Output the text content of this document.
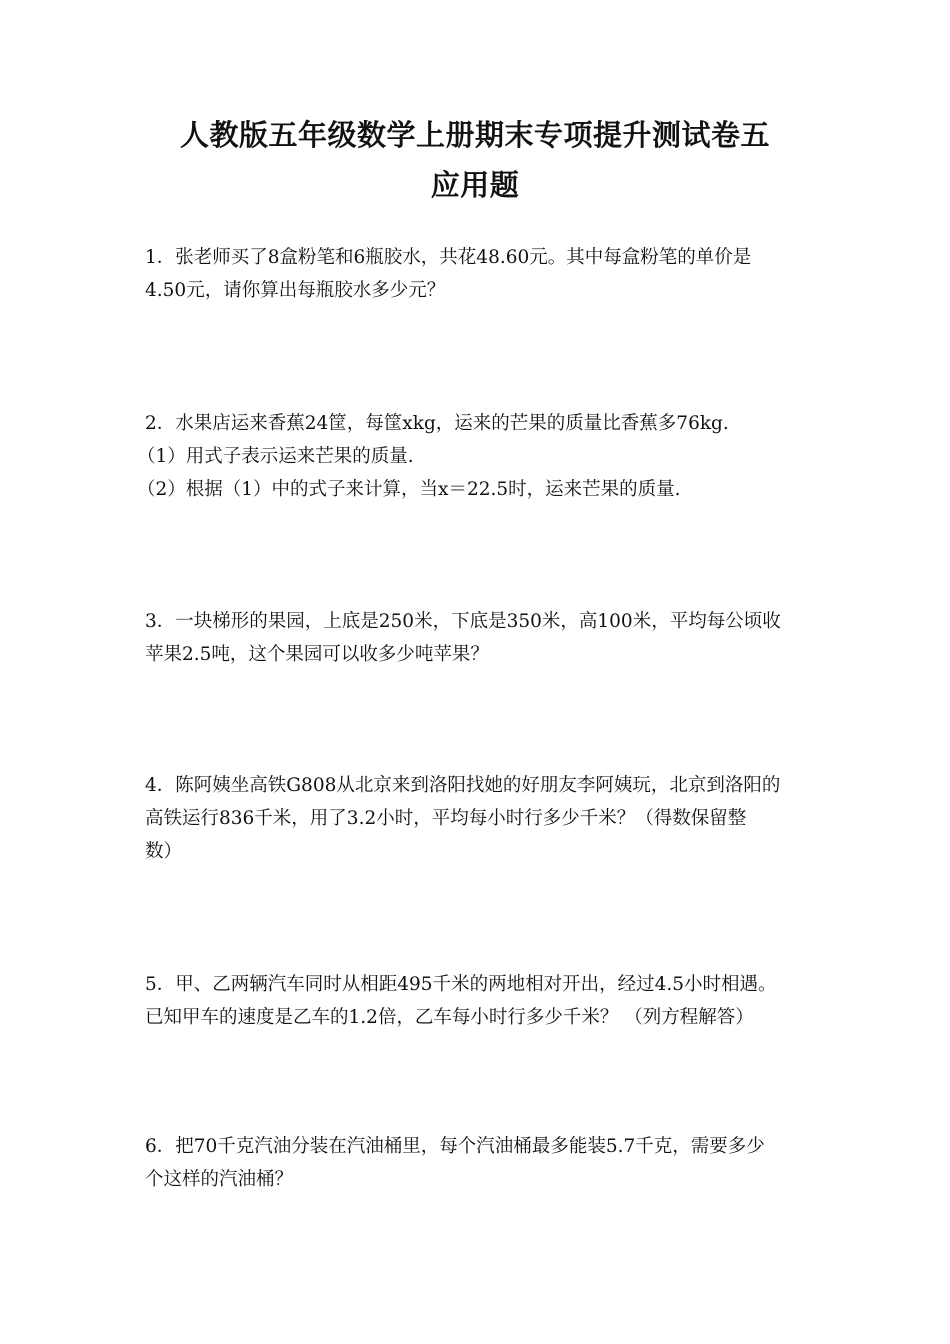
人教版五年级数学上册期末专项提升测试卷五
应用题

1．张老师买了8盒粉笔和6瓶胶水，共花48.60元。其中每盒粉笔的单价是

4.50元，请你算出每瓶胶水多少元？

2．水果店运来香蕉24筐，每筐xkg，运来的芒果的质量比香蕉多76kg.

（1）用式子表示运来芒果的质量.

（2）根据（1）中的式子来计算，当x＝22.5时，运来芒果的质量.

3．一块梯形的果园，上底是250米，下底是350米，高100米，平均每公顷收

苹果2.5吨，这个果园可以收多少吨苹果？

4．陈阿姨坐高铁G808从北京来到洛阳找她的好朋友李阿姨玩，北京到洛阳的

高铁运行836千米，用了3.2小时，平均每小时行多少千米？（得数保留整

数）

5．甲、乙两辆汽车同时从相距495千米的两地相对开出，经过4.5小时相遇。

已知甲车的速度是乙车的1.2倍，乙车每小时行多少千米？ （列方程解答）

6．把70千克汽油分装在汽油桶里，每个汽油桶最多能装5.7千克，需要多少

个这样的汽油桶？
